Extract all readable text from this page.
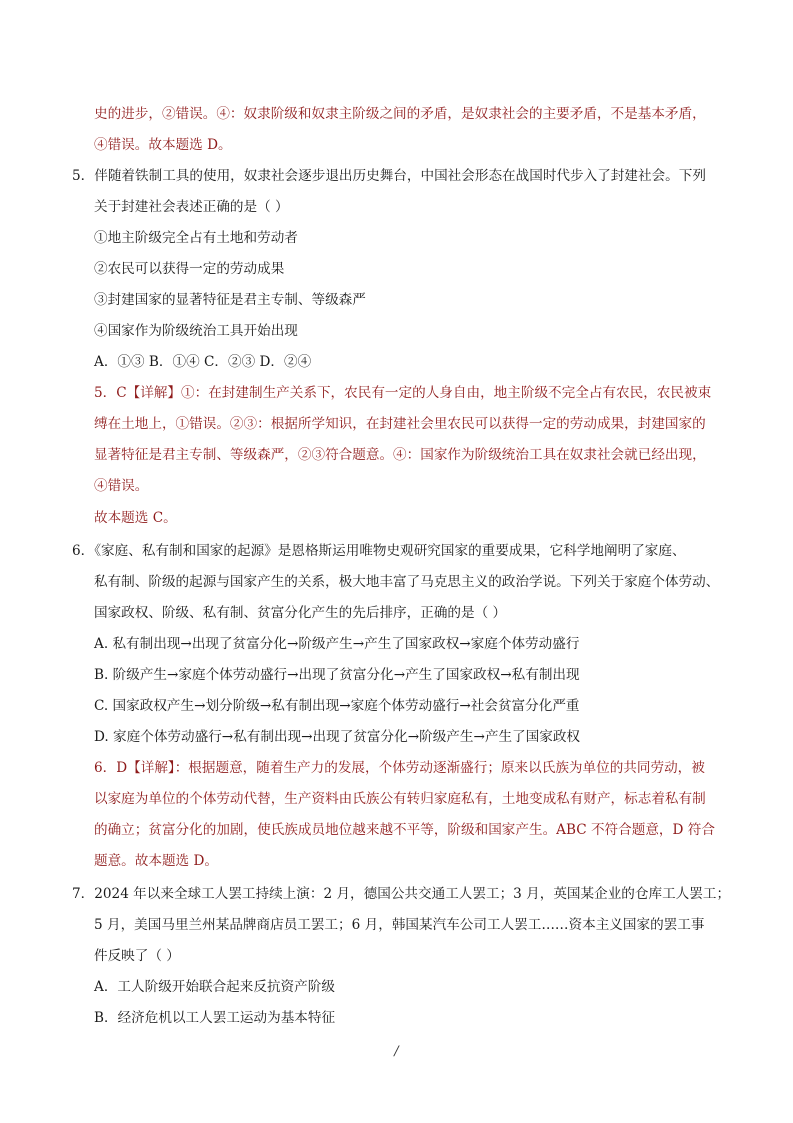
史的进步，②错误。④：奴隶阶级和奴隶主阶级之间的矛盾，是奴隶社会的主要矛盾，不是基本矛盾，
④错误。故本题选 D。
5．伴随着铁制工具的使用，奴隶社会逐步退出历史舞台，中国社会形态在战国时代步入了封建社会。下列
关于封建社会表述正确的是（ ）
①地主阶级完全占有土地和劳动者
②农民可以获得一定的劳动成果
③封建国家的显著特征是君主专制、等级森严
④国家作为阶级统治工具开始出现
A．①③ B．①④ C．②③ D．②④
5．C【详解】①：在封建制生产关系下，农民有一定的人身自由，地主阶级不完全占有农民，农民被束
缚在土地上，①错误。②③：根据所学知识，在封建社会里农民可以获得一定的劳动成果，封建国家的
显著特征是君主专制、等级森严，②③符合题意。④：国家作为阶级统治工具在奴隶社会就已经出现，
④错误。
故本题选 C。
6．《家庭、私有制和国家的起源》是恩格斯运用唯物史观研究国家的重要成果，它科学地阐明了家庭、
私有制、阶级的起源与国家产生的关系，极大地丰富了马克思主义的政治学说。下列关于家庭个体劳动、
国家政权、阶级、私有制、贫富分化产生的先后排序，正确的是（ ）
A. 私有制出现→出现了贫富分化→阶级产生→产生了国家政权→家庭个体劳动盛行
B. 阶级产生→家庭个体劳动盛行→出现了贫富分化→产生了国家政权→私有制出现
C. 国家政权产生→划分阶级→私有制出现→家庭个体劳动盛行→社会贫富分化严重
D. 家庭个体劳动盛行→私有制出现→出现了贫富分化→阶级产生→产生了国家政权
6．D【详解】：根据题意，随着生产力的发展，个体劳动逐渐盛行；原来以氏族为单位的共同劳动，被
以家庭为单位的个体劳动代替，生产资料由氏族公有转归家庭私有，土地变成私有财产，标志着私有制
的确立；贫富分化的加剧，使氏族成员地位越来越不平等，阶级和国家产生。ABC 不符合题意，D 符合
题意。故本题选 D。
7．2024 年以来全球工人罢工持续上演：2 月，德国公共交通工人罢工；3 月，英国某企业的仓库工人罢工；
5 月，美国马里兰州某品牌商店员工罢工；6 月，韩国某汽车公司工人罢工……资本主义国家的罢工事
件反映了（ ）
A．工人阶级开始联合起来反抗资产阶级
B．经济危机以工人罢工运动为基本特征
/
